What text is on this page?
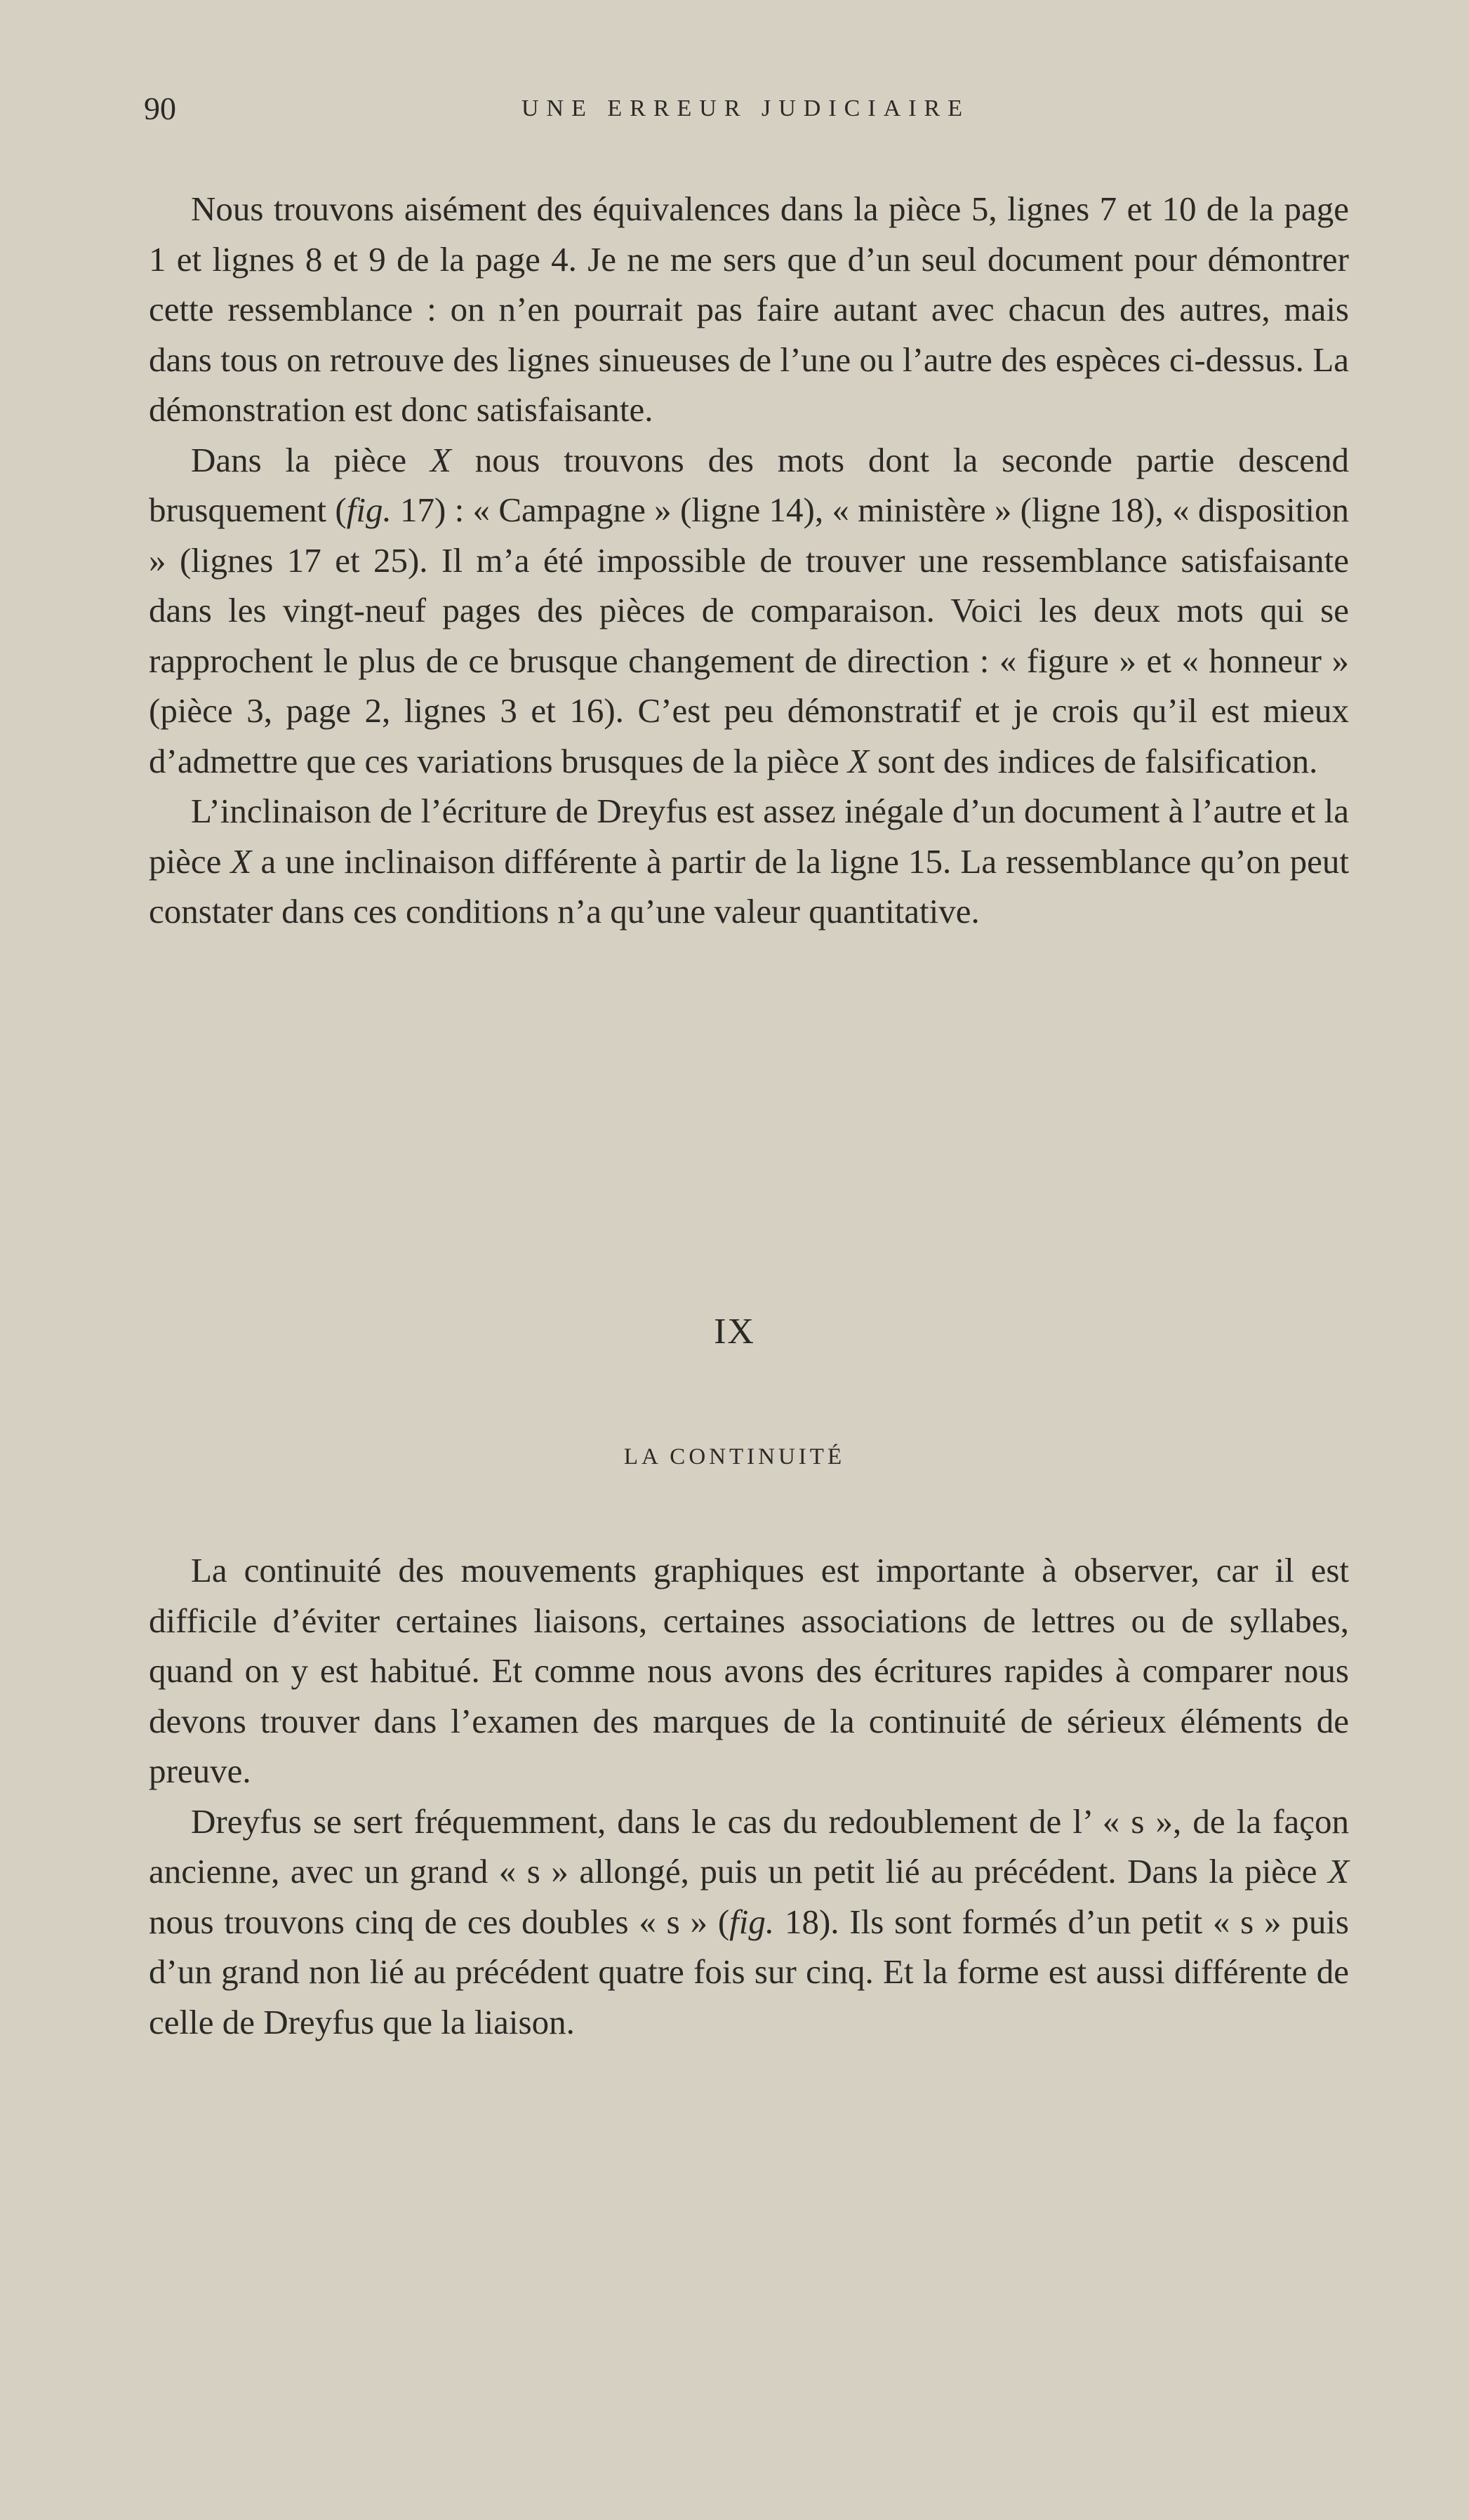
90	UNE ERREUR JUDICIAIRE

Nous trouvons aisément des équivalences dans la pièce 5, lignes 7 et 10 de la page 1 et lignes 8 et 9 de la page 4. Je ne me sers que d’un seul document pour démontrer cette ressemblance : on n’en pourrait pas faire autant avec chacun des autres, mais dans tous on retrouve des lignes sinueuses de l’une ou l’autre des espèces ci-dessus. La démonstration est donc satisfaisante.

Dans la pièce X nous trouvons des mots dont la seconde partie descend brusquement (fig. 17) : « Campagne » (ligne 14), « ministère » (ligne 18), « disposition » (lignes 17 et 25). Il m’a été impossible de trouver une ressemblance satisfaisante dans les vingt-neuf pages des pièces de comparaison. Voici les deux mots qui se rapprochent le plus de ce brusque changement de direction : « figure » et « honneur » (pièce 3, page 2, lignes 3 et 16). C’est peu démonstratif et je crois qu’il est mieux d’admettre que ces variations brusques de la pièce X sont des indices de falsification.

L’inclinaison de l’écriture de Dreyfus est assez inégale d’un document à l’autre et la pièce X a une inclinaison différente à partir de la ligne 15. La ressemblance qu’on peut constater dans ces conditions n’a qu’une valeur quantitative.

IX
LA CONTINUITÉ

La continuité des mouvements graphiques est importante à observer, car il est difficile d’éviter certaines liaisons, certaines associations de lettres ou de syllabes, quand on y est habitué. Et comme nous avons des écritures rapides à comparer nous devons trouver dans l’examen des marques de la continuité de sérieux éléments de preuve.

Dreyfus se sert fréquemment, dans le cas du redoublement de l’ « s », de la façon ancienne, avec un grand « s » allongé, puis un petit lié au précédent. Dans la pièce X nous trouvons cinq de ces doubles « s » (fig. 18). Ils sont formés d’un petit « s » puis d’un grand non lié au précédent quatre fois sur cinq. Et la forme est aussi différente de celle de Dreyfus que la liaison.
